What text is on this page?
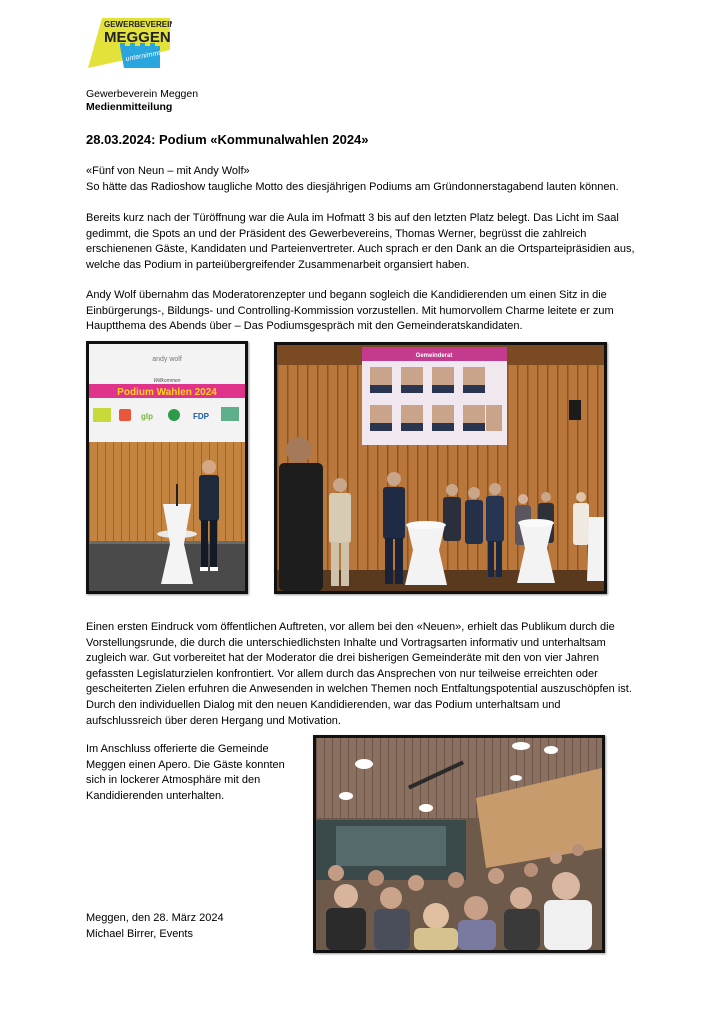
GEWERBEVEREIN
MEGGEN
unternimmt
Gewerbeverein Meggen
Medienmitteilung
28.03.2024: Podium «Kommunalwahlen 2024»
«Fünf von Neun – mit Andy Wolf»
So hätte das Radioshow taugliche Motto des diesjährigen Podiums am Gründonnerstagabend lauten können.
Bereits kurz nach der Türöffnung war die Aula im Hofmatt 3 bis auf den letzten Platz belegt. Das Licht im Saal
gedimmt, die Spots an und der Präsident des Gewerbevereins, Thomas Werner, begrüsst die zahlreich
erschienenen Gäste, Kandidaten und Parteienvertreter. Auch sprach er den Dank an die Ortsparteipräsidien aus,
welche das Podium in parteiübergreifender Zusammenarbeit organsiert haben.
Andy Wolf übernahm das Moderatorenzepter und begann sogleich die Kandidierenden um einen Sitz in die
Einbürgerungs-, Bildungs- und Controlling-Kommission vorzustellen. Mit humorvollem Charme leitete er zum
Hauptthema des Abends über – Das Podiumsgespräch mit den Gemeinderatskandidaten.
andy wolf
Willkommen
Podium Wahlen 2024
glp	FDP
Gemeinderat
Einen ersten Eindruck vom öffentlichen Auftreten, vor allem bei den «Neuen», erhielt das Publikum durch die
Vorstellungsrunde, die durch die unterschiedlichsten Inhalte und Vortragsarten informativ und unterhaltsam
zugleich war. Gut vorbereitet hat der Moderator die drei bisherigen Gemeinderäte mit den von vier Jahren
gefassten Legislaturzielen konfrontiert. Vor allem durch das Ansprechen von nur teilweise erreichten oder
gescheiterten Zielen erfuhren die Anwesenden in welchen Themen noch Entfaltungspotential auszuschöpfen ist.
Durch den individuellen Dialog mit den neuen Kandidierenden, war das Podium unterhaltsam und
aufschlussreich über deren Hergang und Motivation.
Im Anschluss offerierte die Gemeinde
Meggen einen Apero. Die Gäste konnten
sich in lockerer Atmosphäre mit den
Kandidierenden unterhalten.
Meggen, den 28. März 2024
Michael Birrer, Events
